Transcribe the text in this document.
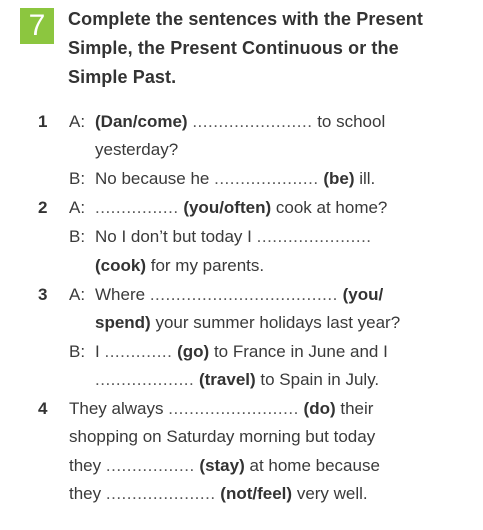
7	Complete the sentences with the Present
Simple, the Present Continuous or the
Simple Past.
1 A: (Dan/come) ....................... to school
yesterday?
B: No because he .................... (be) ill.
2 A: ................ (you/often) cook at home?
B: No I don’t but today I ......................
(cook) for my parents.
3 A: Where .................................... (you/
spend) your summer holidays last year?
B: I ............. (go) to France in June and I
................... (travel) to Spain in July.
4 They always ......................... (do) their
shopping on Saturday morning but today
they ................. (stay) at home because
they ..................... (not/feel) very well.
